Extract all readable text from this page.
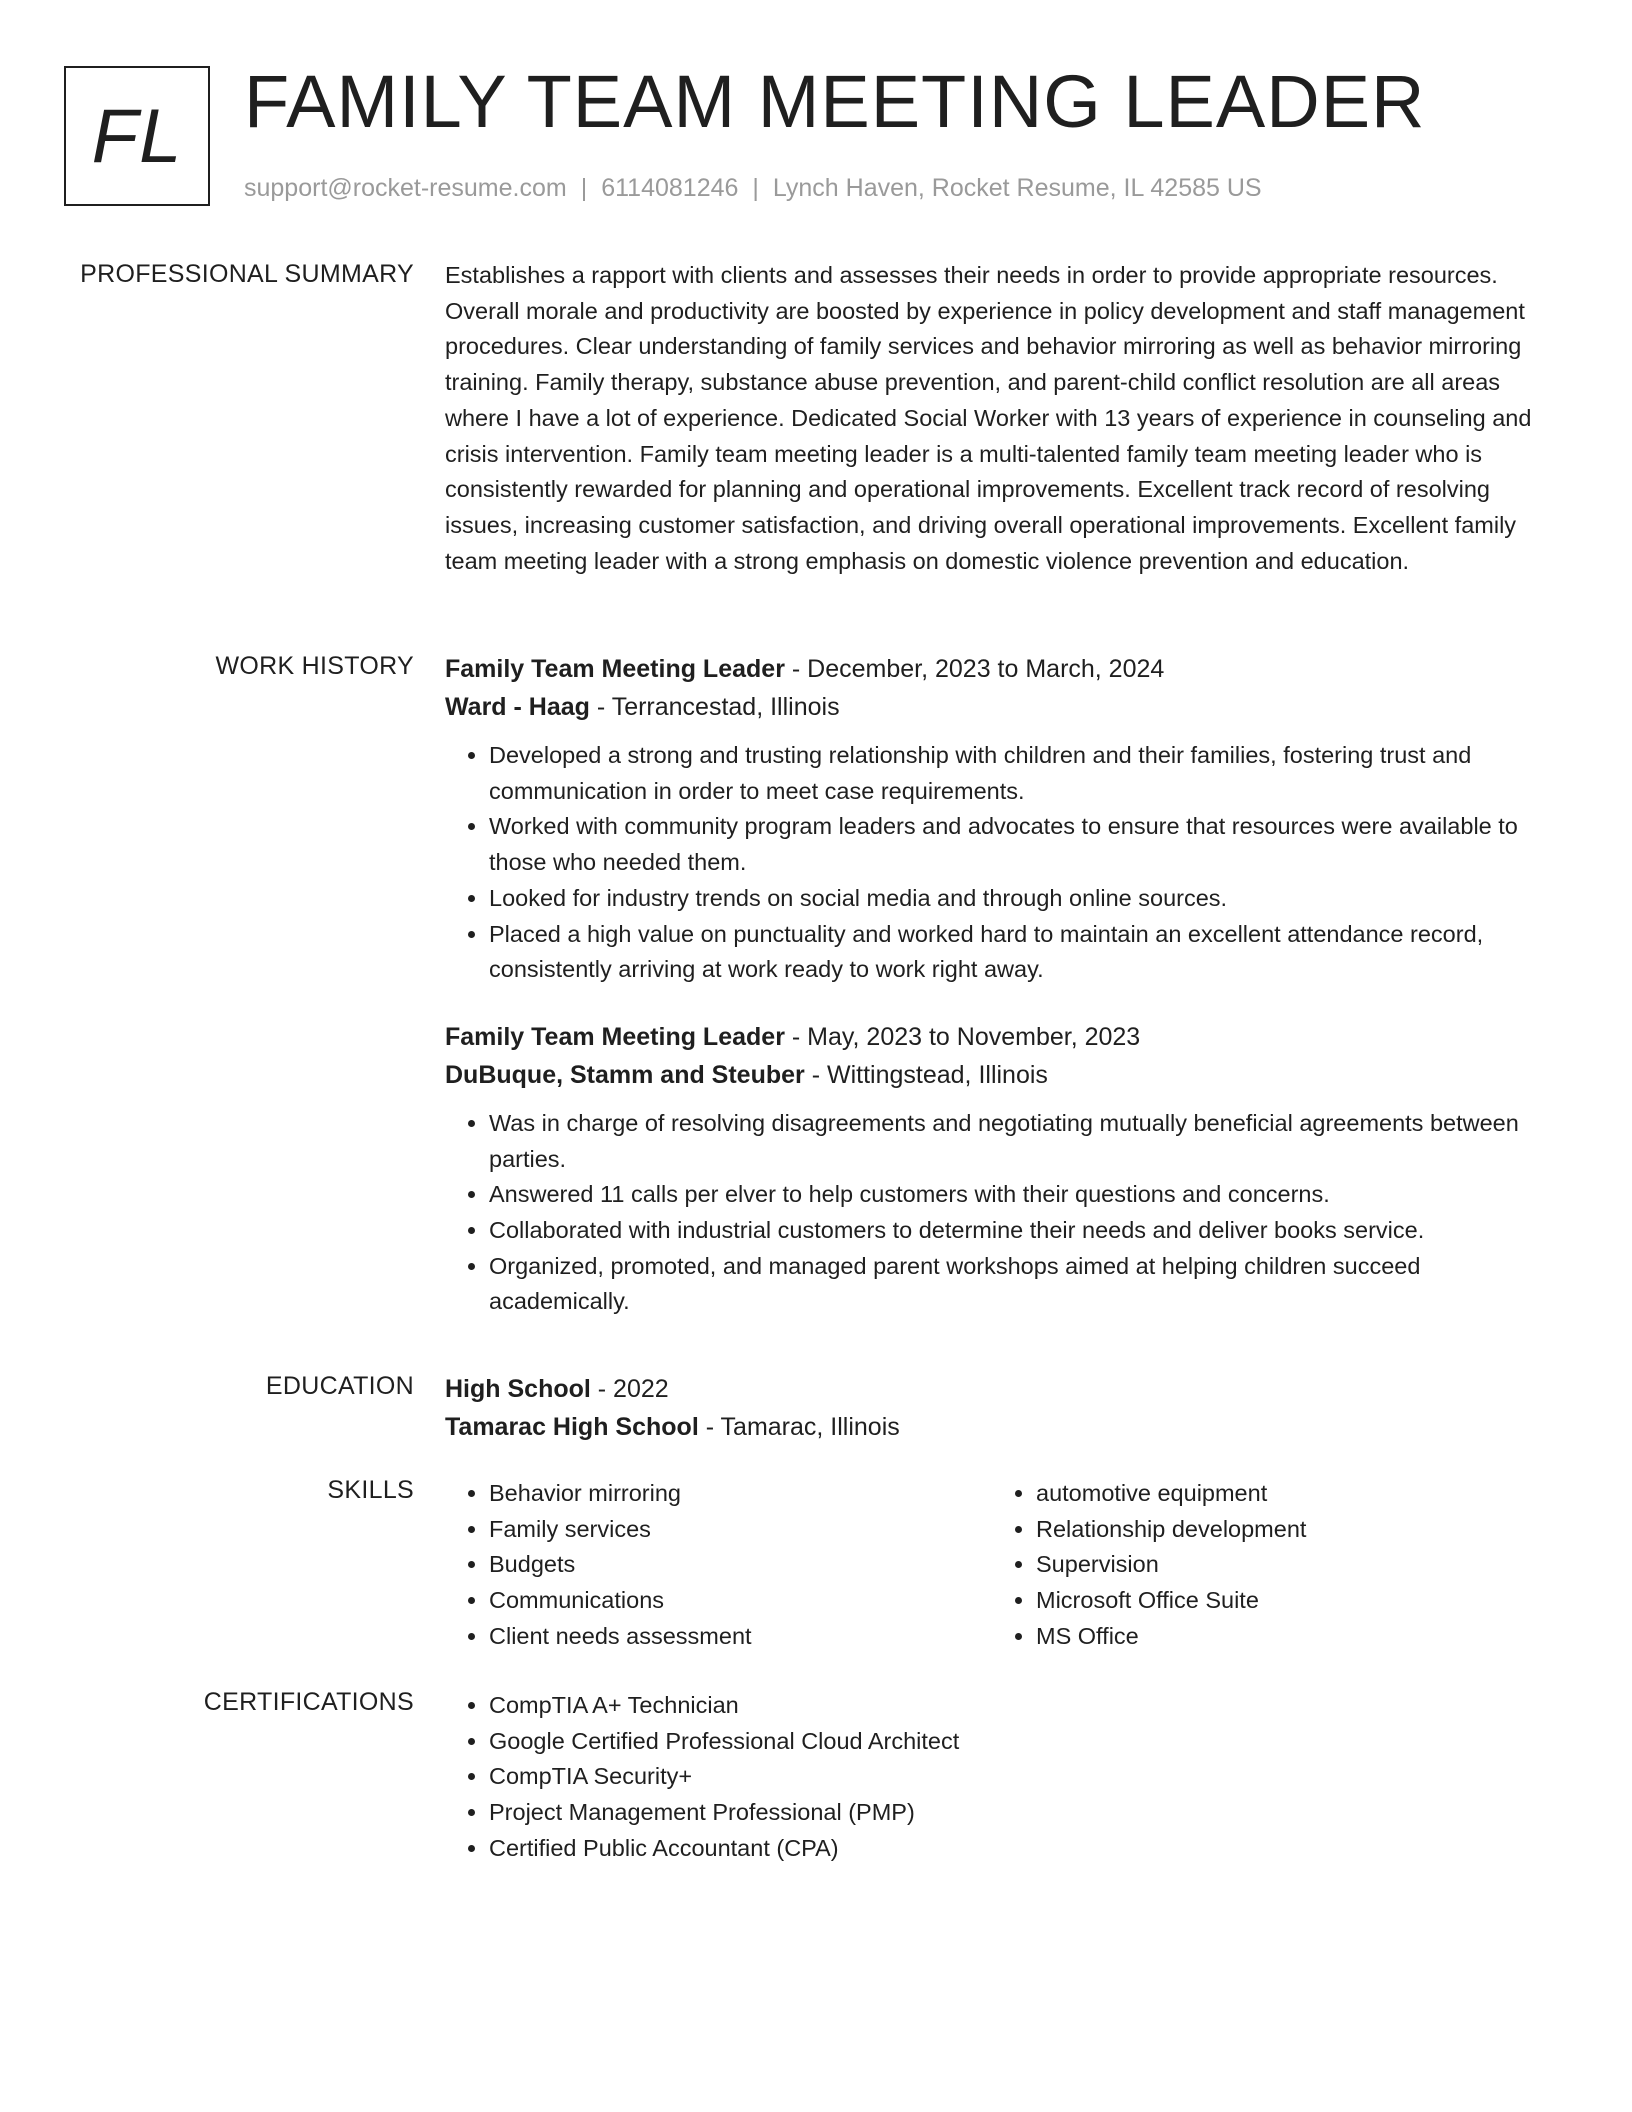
FL FAMILY TEAM MEETING LEADER
support@rocket-resume.com | 6114081246 | Lynch Haven, Rocket Resume, IL 42585 US
PROFESSIONAL SUMMARY Establishes a rapport with clients and assesses their needs in order to provide appropriate resources. Overall morale and productivity are boosted by experience in policy development and staff management procedures. Clear understanding of family services and behavior mirroring as well as behavior mirroring training. Family therapy, substance abuse prevention, and parent-child conflict resolution are all areas where I have a lot of experience. Dedicated Social Worker with 13 years of experience in counseling and crisis intervention. Family team meeting leader is a multi-talented family team meeting leader who is consistently rewarded for planning and operational improvements. Excellent track record of resolving issues, increasing customer satisfaction, and driving overall operational improvements. Excellent family team meeting leader with a strong emphasis on domestic violence prevention and education.
WORK HISTORY Family Team Meeting Leader - December, 2023 to March, 2024
Ward - Haag - Terrancestad, Illinois
• Developed a strong and trusting relationship with children and their families, fostering trust and communication in order to meet case requirements.
• Worked with community program leaders and advocates to ensure that resources were available to those who needed them.
• Looked for industry trends on social media and through online sources.
• Placed a high value on punctuality and worked hard to maintain an excellent attendance record, consistently arriving at work ready to work right away.
Family Team Meeting Leader - May, 2023 to November, 2023
DuBuque, Stamm and Steuber - Wittingstead, Illinois
• Was in charge of resolving disagreements and negotiating mutually beneficial agreements between parties.
• Answered 11 calls per elver to help customers with their questions and concerns.
• Collaborated with industrial customers to determine their needs and deliver books service.
• Organized, promoted, and managed parent workshops aimed at helping children succeed academically.
EDUCATION High School - 2022
Tamarac High School - Tamarac, Illinois
SKILLS	• Behavior mirroring
• Family services
• Budgets
• Communications
• Client needs assessment
• automotive equipment
• Relationship development
• Supervision
• Microsoft Office Suite
• MS Office
CERTIFICATIONS	• CompTIA A+ Technician
• Google Certified Professional Cloud Architect
• CompTIA Security+
• Project Management Professional (PMP)
• Certified Public Accountant (CPA)
